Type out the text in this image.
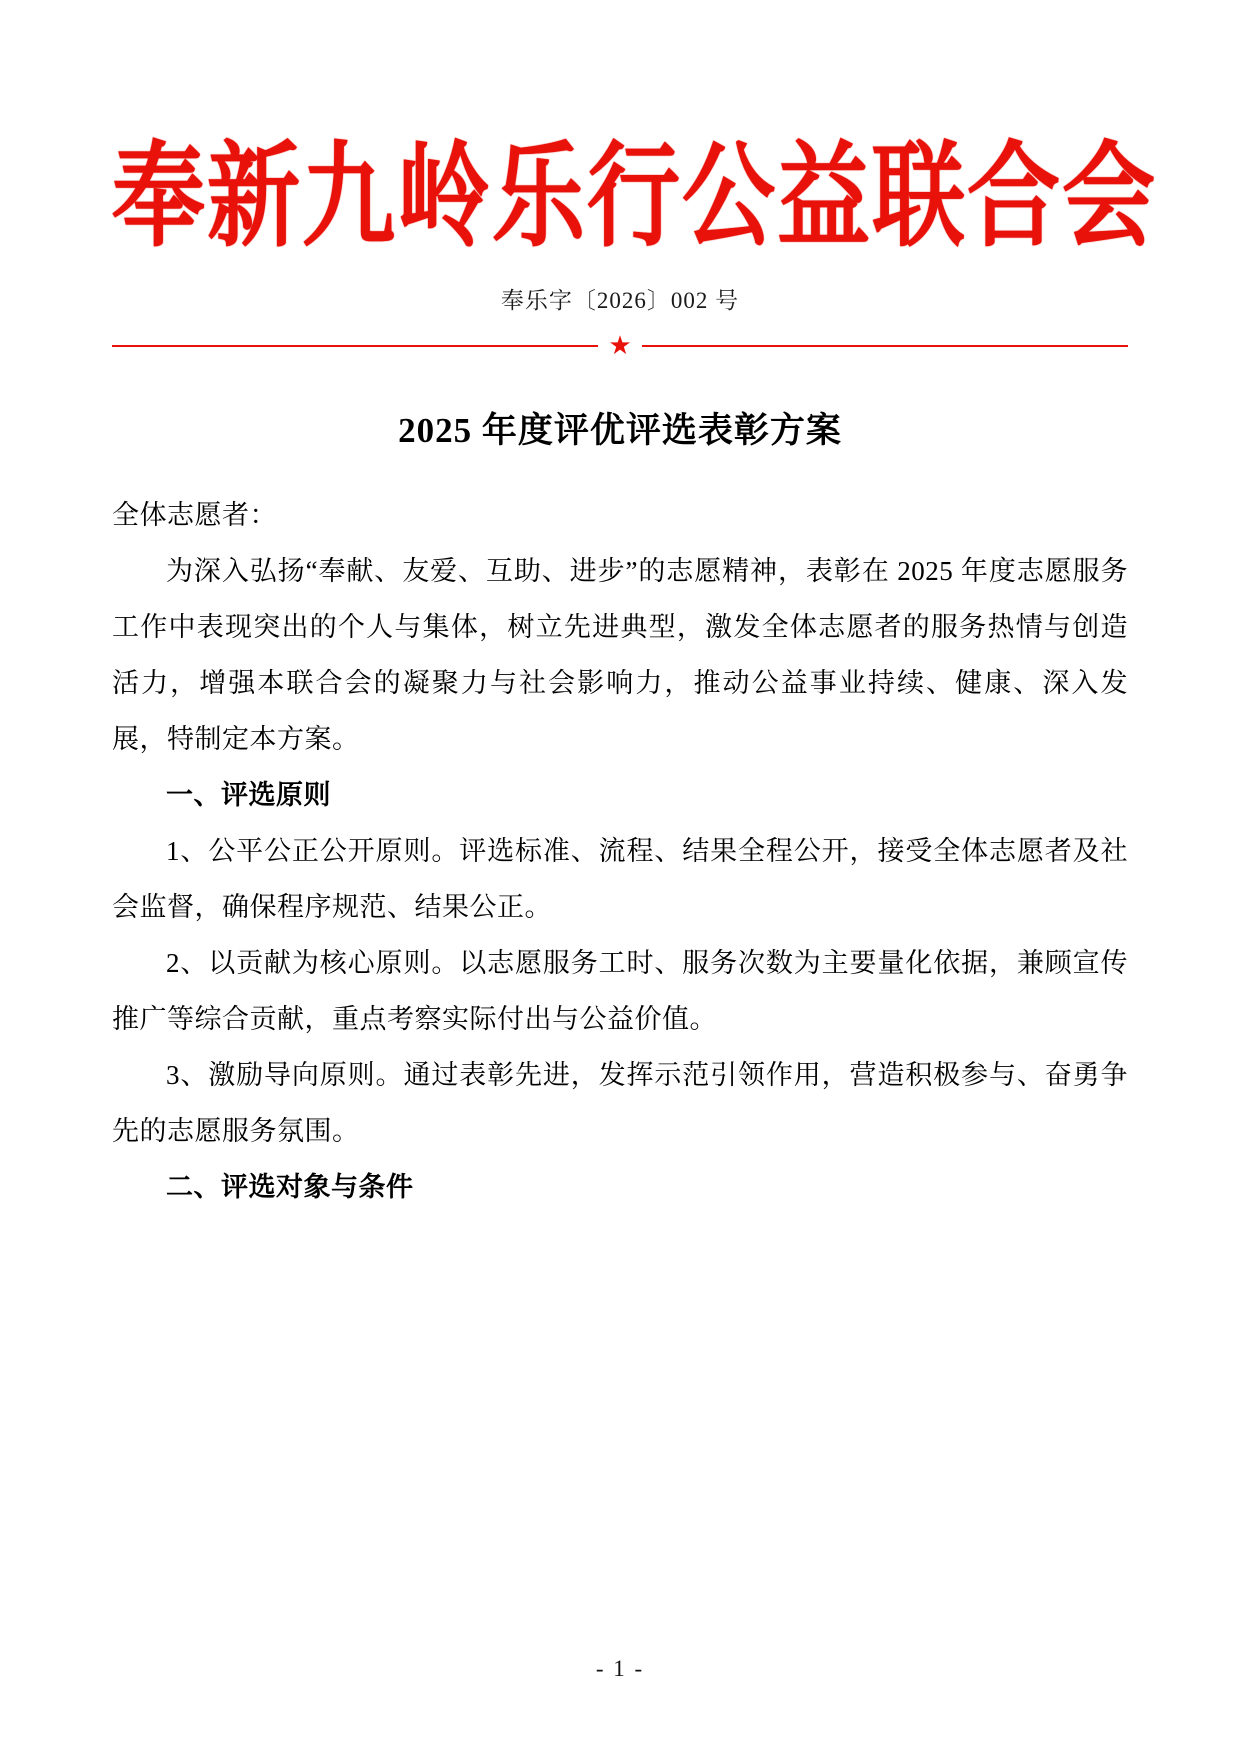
奉新九岭乐行公益联合会
奉乐字〔2026〕002 号
★
2025 年度评优评选表彰方案

全体志愿者：

为深入弘扬“奉献、友爱、互助、进步”的志愿精神，表彰在 2025 年度志愿服务工作中表现突出的个人与集体，树立先进典型，激发全体志愿者的服务热情与创造活力，增强本联合会的凝聚力与社会影响力，推动公益事业持续、健康、深入发展，特制定本方案。

一、评选原则

1、公平公正公开原则。评选标准、流程、结果全程公开，接受全体志愿者及社会监督，确保程序规范、结果公正。

2、以贡献为核心原则。以志愿服务工时、服务次数为主要量化依据，兼顾宣传推广等综合贡献，重点考察实际付出与公益价值。

3、激励导向原则。通过表彰先进，发挥示范引领作用，营造积极参与、奋勇争先的志愿服务氛围。

二、评选对象与条件

- 1 -
